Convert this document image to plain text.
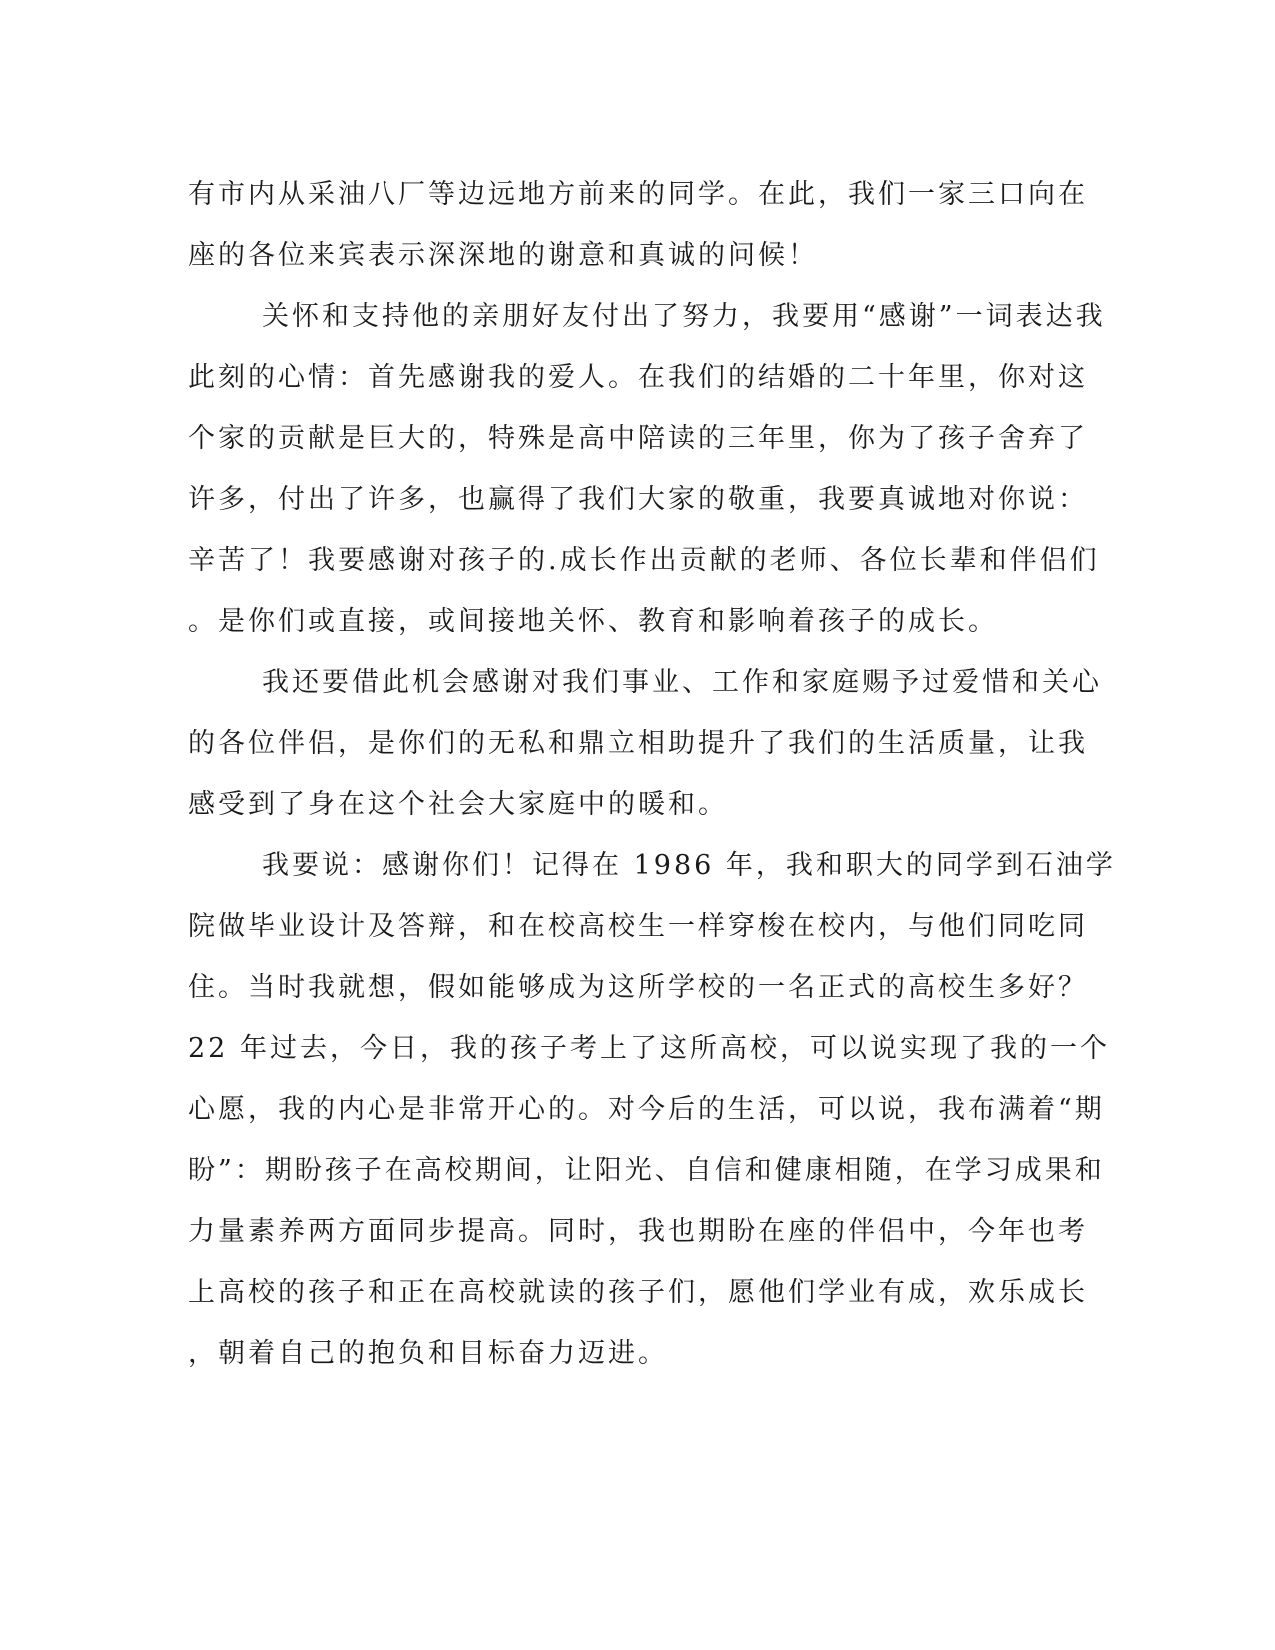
有市内从采油八厂等边远地方前来的同学。在此，我们一家三口向在
座的各位来宾表示深深地的谢意和真诚的问候！
关怀和支持他的亲朋好友付出了努力，我要用“感谢”一词表达我
此刻的心情：首先感谢我的爱人。在我们的结婚的二十年里，你对这
个家的贡献是巨大的，特殊是高中陪读的三年里，你为了孩子舍弃了
许多，付出了许多，也赢得了我们大家的敬重，我要真诚地对你说：
辛苦了！我要感谢对孩子的.成长作出贡献的老师、各位长辈和伴侣们
。是你们或直接，或间接地关怀、教育和影响着孩子的成长。
我还要借此机会感谢对我们事业、工作和家庭赐予过爱惜和关心
的各位伴侣，是你们的无私和鼎立相助提升了我们的生活质量，让我
感受到了身在这个社会大家庭中的暖和。
我要说：感谢你们！记得在 1986 年，我和职大的同学到石油学
院做毕业设计及答辩，和在校高校生一样穿梭在校内，与他们同吃同
住。当时我就想，假如能够成为这所学校的一名正式的高校生多好？
22 年过去，今日，我的孩子考上了这所高校，可以说实现了我的一个
心愿，我的内心是非常开心的。对今后的生活，可以说，我布满着“期
盼”：期盼孩子在高校期间，让阳光、自信和健康相随，在学习成果和
力量素养两方面同步提高。同时，我也期盼在座的伴侣中，今年也考
上高校的孩子和正在高校就读的孩子们，愿他们学业有成，欢乐成长
，朝着自己的抱负和目标奋力迈进。
